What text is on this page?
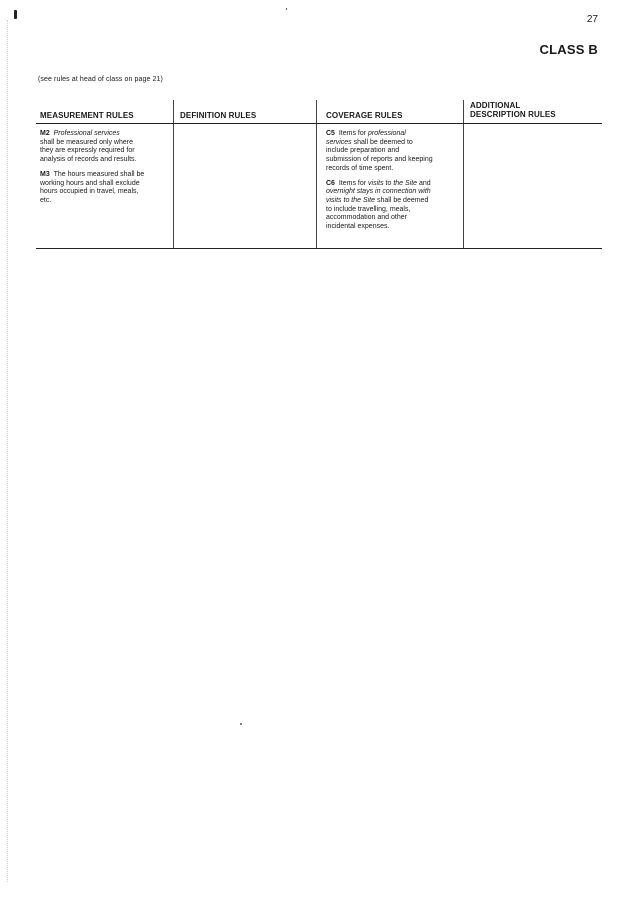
27
CLASS B
(see rules at head of class on page 21)
MEASUREMENT RULES	DEFINITION RULES	COVERAGE RULES
ADDITIONAL
DESCRIPTION RULES

M2 Professional services
shall be measured only where
they are expressly required for
analysis of records and results.

M3 The hours measured shall be
working hours and shall exclude
hours occupied in travel, meals,
etc.

C5 Items for professional
services shall be deemed to
include preparation and
submission of reports and keeping
records of time spent.

C6 Items for visits to the Site and
overnight stays in connection with
visits to the Site shall be deemed
to include travelling, meals,
accommodation and other
incidental expenses.
